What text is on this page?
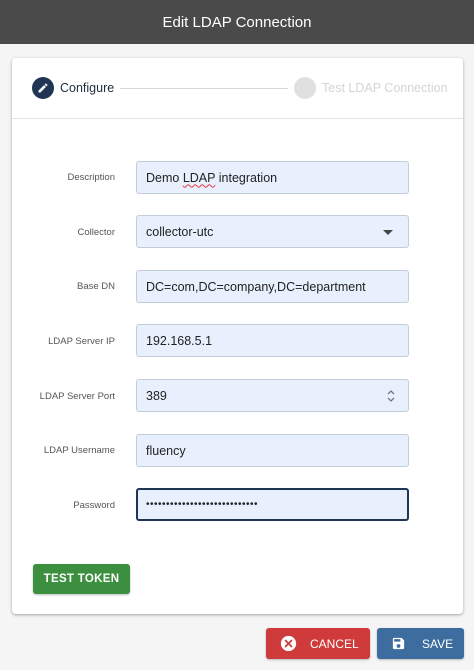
Edit LDAP Connection
Configure	Test LDAP Connection
Description Demo LDAP integration
Collector collector-utc
Base DN DC=com,DC=company,DC=department
LDAP Server IP 192.168.5.1
LDAP Server Port 389
LDAP Username fluency
Password	••••••••••••••••••••••••••••
TEST TOKEN
CANCEL	SAVE
